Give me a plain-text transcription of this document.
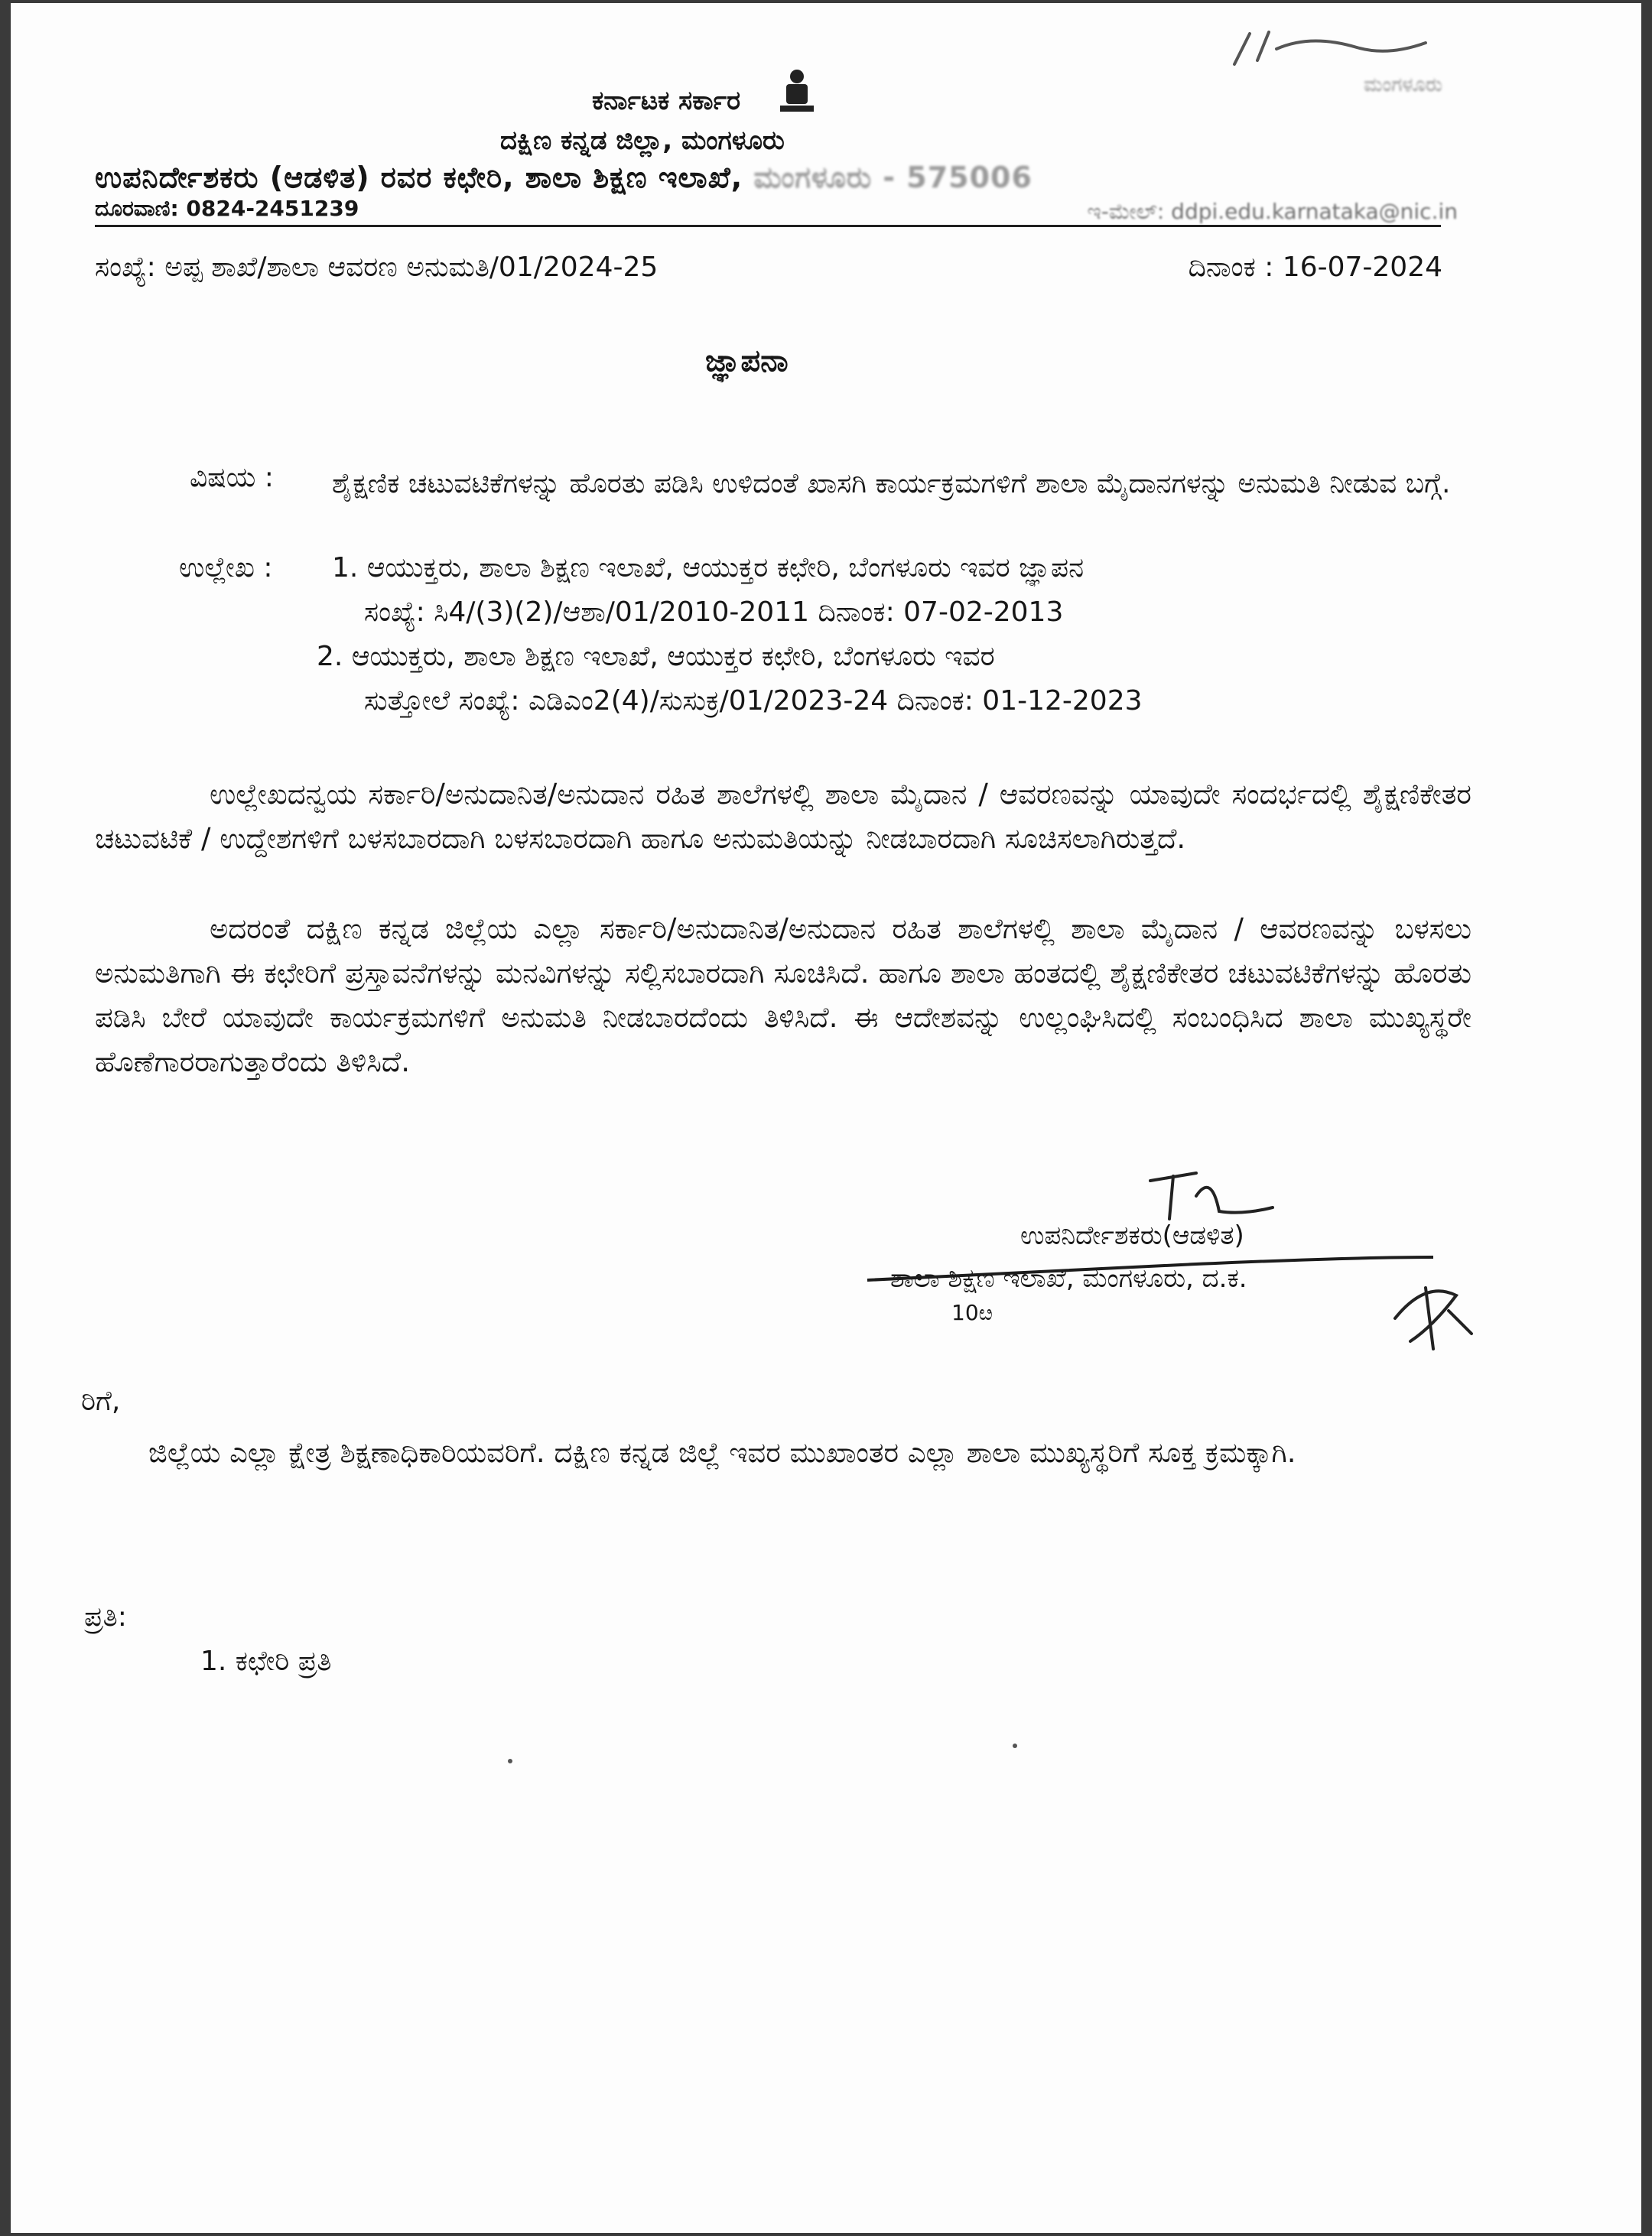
ಮಂಗಳೂರು
ಕರ್ನಾಟಕ ಸರ್ಕಾರ
ದಕ್ಷಿಣ ಕನ್ನಡ ಜಿಲ್ಲಾ, ಮಂಗಳೂರು
ಉಪನಿರ್ದೇಶಕರು (ಆಡಳಿತ) ರವರ ಕಛೇರಿ, ಶಾಲಾ ಶಿಕ್ಷಣ ಇಲಾಖೆ, ಮಂಗಳೂರು - 575006
ದೂರವಾಣಿ: 0824-2451239	ಇ-ಮೇಲ್: ddpi.edu.karnataka@nic.in
ಸಂಖ್ಯೆ: ಅಪ್ಪ ಶಾಖೆ/ಶಾಲಾ ಆವರಣ ಅನುಮತಿ/01/2024-25	ದಿನಾಂಕ : 16-07-2024
ಜ್ಞಾಪನಾ
ವಿಷಯ : ಶೈಕ್ಷಣಿಕ ಚಟುವಟಿಕೆಗಳನ್ನು ಹೊರತು ಪಡಿಸಿ ಉಳಿದಂತೆ ಖಾಸಗಿ ಕಾರ್ಯಕ್ರಮಗಳಿಗೆ ಶಾಲಾ ಮೈದಾನಗಳನ್ನು ಅನುಮತಿ ನೀಡುವ ಬಗ್ಗೆ.
ಉಲ್ಲೇಖ : 1. ಆಯುಕ್ತರು, ಶಾಲಾ ಶಿಕ್ಷಣ ಇಲಾಖೆ, ಆಯುಕ್ತರ ಕಛೇರಿ, ಬೆಂಗಳೂರು ಇವರ ಜ್ಞಾಪನ
ಸಂಖ್ಯೆ: ಸಿ4/(3)(2)/ಆಶಾ/01/2010-2011 ದಿನಾಂಕ: 07-02-2013
2. ಆಯುಕ್ತರು, ಶಾಲಾ ಶಿಕ್ಷಣ ಇಲಾಖೆ, ಆಯುಕ್ತರ ಕಛೇರಿ, ಬೆಂಗಳೂರು ಇವರ
ಸುತ್ತೋಲೆ ಸಂಖ್ಯೆ: ಎಡಿಎಂ2(4)/ಸುಸುಕ್ರ/01/2023-24 ದಿನಾಂಕ: 01-12-2023

ಉಲ್ಲೇಖದನ್ವಯ ಸರ್ಕಾರಿ/ಅನುದಾನಿತ/ಅನುದಾನ ರಹಿತ ಶಾಲೆಗಳಲ್ಲಿ ಶಾಲಾ ಮೈದಾನ / ಆವರಣವನ್ನು ಯಾವುದೇ ಸಂದರ್ಭದಲ್ಲಿ ಶೈಕ್ಷಣಿಕೇತರ ಚಟುವಟಿಕೆ / ಉದ್ದೇಶಗಳಿಗೆ ಬಳಸಬಾರದಾಗಿ ಬಳಸಬಾರದಾಗಿ ಹಾಗೂ ಅನುಮತಿಯನ್ನು ನೀಡಬಾರದಾಗಿ ಸೂಚಿಸಲಾಗಿರುತ್ತದೆ.

ಅದರಂತೆ ದಕ್ಷಿಣ ಕನ್ನಡ ಜಿಲ್ಲೆಯ ಎಲ್ಲಾ ಸರ್ಕಾರಿ/ಅನುದಾನಿತ/ಅನುದಾನ ರಹಿತ ಶಾಲೆಗಳಲ್ಲಿ ಶಾಲಾ ಮೈದಾನ / ಆವರಣವನ್ನು ಬಳಸಲು ಅನುಮತಿಗಾಗಿ ಈ ಕಛೇರಿಗೆ ಪ್ರಸ್ತಾವನೆಗಳನ್ನು ಮನವಿಗಳನ್ನು ಸಲ್ಲಿಸಬಾರದಾಗಿ ಸೂಚಿಸಿದೆ. ಹಾಗೂ ಶಾಲಾ ಹಂತದಲ್ಲಿ ಶೈಕ್ಷಣಿಕೇತರ ಚಟುವಟಿಕೆಗಳನ್ನು ಹೊರತು ಪಡಿಸಿ ಬೇರೆ ಯಾವುದೇ ಕಾರ್ಯಕ್ರಮಗಳಿಗೆ ಅನುಮತಿ ನೀಡಬಾರದೆಂದು ತಿಳಿಸಿದೆ. ಈ ಆದೇಶವನ್ನು ಉಲ್ಲಂಘಿಸಿದಲ್ಲಿ ಸಂಬಂಧಿಸಿದ ಶಾಲಾ ಮುಖ್ಯಸ್ಥರೇ ಹೊಣೆಗಾರರಾಗುತ್ತಾರೆಂದು ತಿಳಿಸಿದೆ.

ಉಪನಿರ್ದೇಶಕರು(ಆಡಳಿತ)
ಶಾಲಾ ಶಿಕ್ಷಣ ಇಲಾಖೆ, ಮಂಗಳೂರು, ದ.ಕ.
10ೞ
ರಿಗೆ,

ಜಿಲ್ಲೆಯ ಎಲ್ಲಾ ಕ್ಷೇತ್ರ ಶಿಕ್ಷಣಾಧಿಕಾರಿಯವರಿಗೆ. ದಕ್ಷಿಣ ಕನ್ನಡ ಜಿಲ್ಲೆ ಇವರ ಮುಖಾಂತರ ಎಲ್ಲಾ ಶಾಲಾ ಮುಖ್ಯಸ್ಥರಿಗೆ ಸೂಕ್ತ ಕ್ರಮಕ್ಕಾಗಿ.

ಪ್ರತಿ:
1. ಕಛೇರಿ ಪ್ರತಿ
